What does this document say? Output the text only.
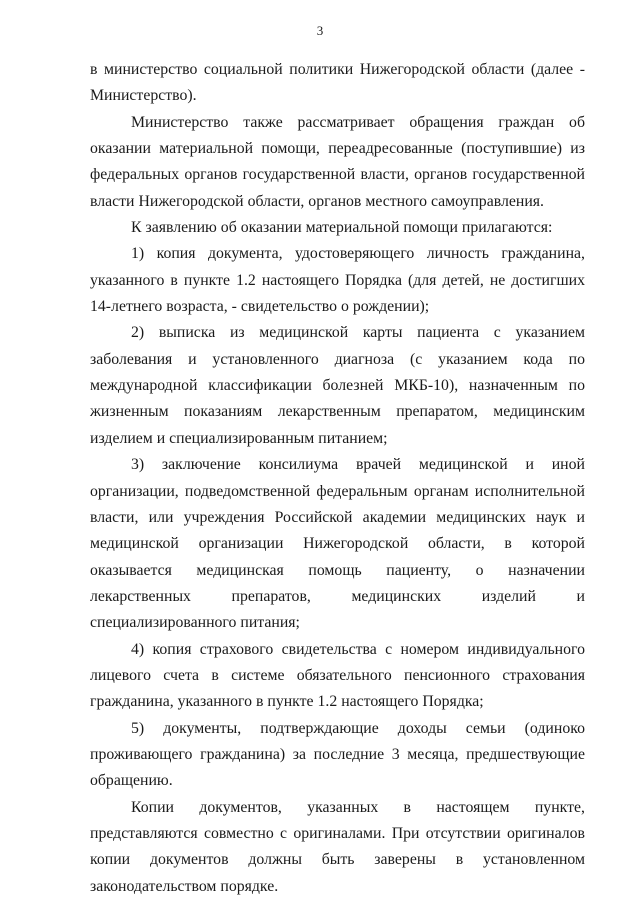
3

в министерство социальной политики Нижегородской области (далее - Министерство).

Министерство также рассматривает обращения граждан об оказании материальной помощи, переадресованные (поступившие) из федеральных органов государственной власти, органов государственной власти Нижегородской области, органов местного самоуправления.

К заявлению об оказании материальной помощи прилагаются:

1) копия документа, удостоверяющего личность гражданина, указанного в пункте 1.2 настоящего Порядка (для детей, не достигших 14-летнего возраста, - свидетельство о рождении);

2) выписка из медицинской карты пациента с указанием заболевания и установленного диагноза (с указанием кода по международной классификации болезней МКБ-10), назначенным по жизненным показаниям лекарственным препаратом, медицинским изделием и специализированным питанием;

3) заключение консилиума врачей медицинской и иной организации, подведомственной федеральным органам исполнительной власти, или учреждения Российской академии медицинских наук и медицинской организации Нижегородской области, в которой оказывается медицинская помощь пациенту, о назначении лекарственных препаратов, медицинских изделий и специализированного питания;

4) копия страхового свидетельства с номером индивидуального лицевого счета в системе обязательного пенсионного страхования гражданина, указанного в пункте 1.2 настоящего Порядка;

5) документы, подтверждающие доходы семьи (одиноко проживающего гражданина) за последние 3 месяца, предшествующие обращению.

Копии документов, указанных в настоящем пункте, представляются совместно с оригиналами. При отсутствии оригиналов копии документов должны быть заверены в установленном законодательством порядке.
